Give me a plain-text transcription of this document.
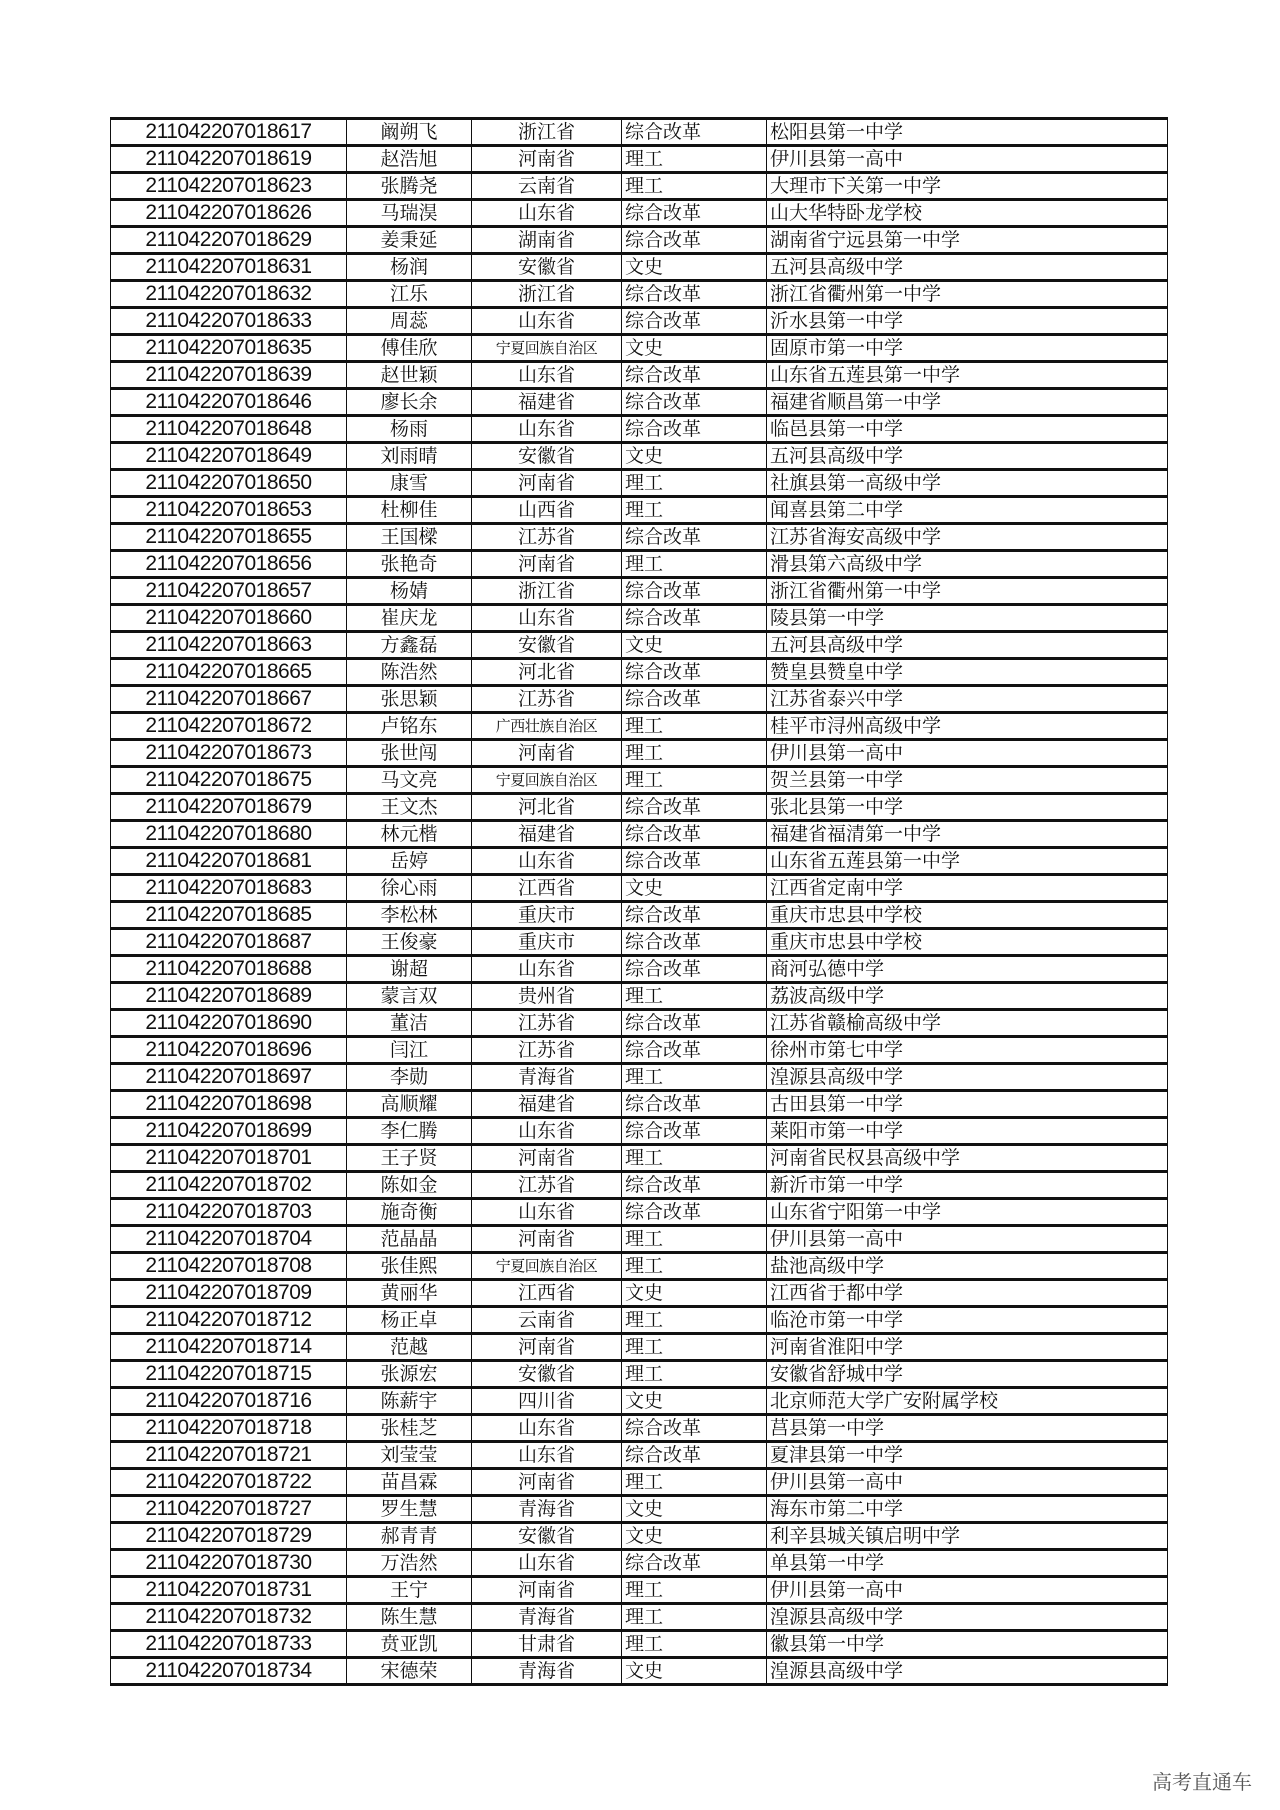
211042207018617	阚朔飞	浙江省	综合改革	松阳县第一中学
211042207018619	赵浩旭	河南省	理工	伊川县第一高中
211042207018623	张腾尧	云南省	理工	大理市下关第一中学
211042207018626	马瑞淏	山东省	综合改革	山大华特卧龙学校
211042207018629	姜秉延	湖南省	综合改革	湖南省宁远县第一中学
211042207018631	杨润	安徽省	文史	五河县高级中学
211042207018632	江乐	浙江省	综合改革	浙江省衢州第一中学
211042207018633	周蕊	山东省	综合改革	沂水县第一中学
211042207018635	傅佳欣	宁夏回族自治区	文史	固原市第一中学
211042207018639	赵世颖	山东省	综合改革	山东省五莲县第一中学
211042207018646	廖长余	福建省	综合改革	福建省顺昌第一中学
211042207018648	杨雨	山东省	综合改革	临邑县第一中学
211042207018649	刘雨晴	安徽省	文史	五河县高级中学
211042207018650	康雪	河南省	理工	社旗县第一高级中学
211042207018653	杜柳佳	山西省	理工	闻喜县第二中学
211042207018655	王国樑	江苏省	综合改革	江苏省海安高级中学
211042207018656	张艳奇	河南省	理工	滑县第六高级中学
211042207018657	杨婧	浙江省	综合改革	浙江省衢州第一中学
211042207018660	崔庆龙	山东省	综合改革	陵县第一中学
211042207018663	方鑫磊	安徽省	文史	五河县高级中学
211042207018665	陈浩然	河北省	综合改革	赞皇县赞皇中学
211042207018667	张思颖	江苏省	综合改革	江苏省泰兴中学
211042207018672	卢铭东	广西壮族自治区	理工	桂平市浔州高级中学
211042207018673	张世闯	河南省	理工	伊川县第一高中
211042207018675	马文亮	宁夏回族自治区	理工	贺兰县第一中学
211042207018679	王文杰	河北省	综合改革	张北县第一中学
211042207018680	林元楷	福建省	综合改革	福建省福清第一中学
211042207018681	岳婷	山东省	综合改革	山东省五莲县第一中学
211042207018683	徐心雨	江西省	文史	江西省定南中学
211042207018685	李松林	重庆市	综合改革	重庆市忠县中学校
211042207018687	王俊豪	重庆市	综合改革	重庆市忠县中学校
211042207018688	谢超	山东省	综合改革	商河弘德中学
211042207018689	蒙言双	贵州省	理工	荔波高级中学
211042207018690	董洁	江苏省	综合改革	江苏省赣榆高级中学
211042207018696	闫江	江苏省	综合改革	徐州市第七中学
211042207018697	李勋	青海省	理工	湟源县高级中学
211042207018698	高顺耀	福建省	综合改革	古田县第一中学
211042207018699	李仁腾	山东省	综合改革	莱阳市第一中学
211042207018701	王子贤	河南省	理工	河南省民权县高级中学
211042207018702	陈如金	江苏省	综合改革	新沂市第一中学
211042207018703	施奇衡	山东省	综合改革	山东省宁阳第一中学
211042207018704	范晶晶	河南省	理工	伊川县第一高中
211042207018708	张佳熙	宁夏回族自治区	理工	盐池高级中学
211042207018709	黄丽华	江西省	文史	江西省于都中学
211042207018712	杨正卓	云南省	理工	临沧市第一中学
211042207018714	范越	河南省	理工	河南省淮阳中学
211042207018715	张源宏	安徽省	理工	安徽省舒城中学
211042207018716	陈薪宇	四川省	文史	北京师范大学广安附属学校
211042207018718	张桂芝	山东省	综合改革	莒县第一中学
211042207018721	刘莹莹	山东省	综合改革	夏津县第一中学
211042207018722	苗昌霖	河南省	理工	伊川县第一高中
211042207018727	罗生慧	青海省	文史	海东市第二中学
211042207018729	郝青青	安徽省	文史	利辛县城关镇启明中学
211042207018730	万浩然	山东省	综合改革	单县第一中学
211042207018731	王宁	河南省	理工	伊川县第一高中
211042207018732	陈生慧	青海省	理工	湟源县高级中学
211042207018733	贲亚凯	甘肃省	理工	徽县第一中学
211042207018734	宋德荣	青海省	文史	湟源县高级中学
高考直通车
